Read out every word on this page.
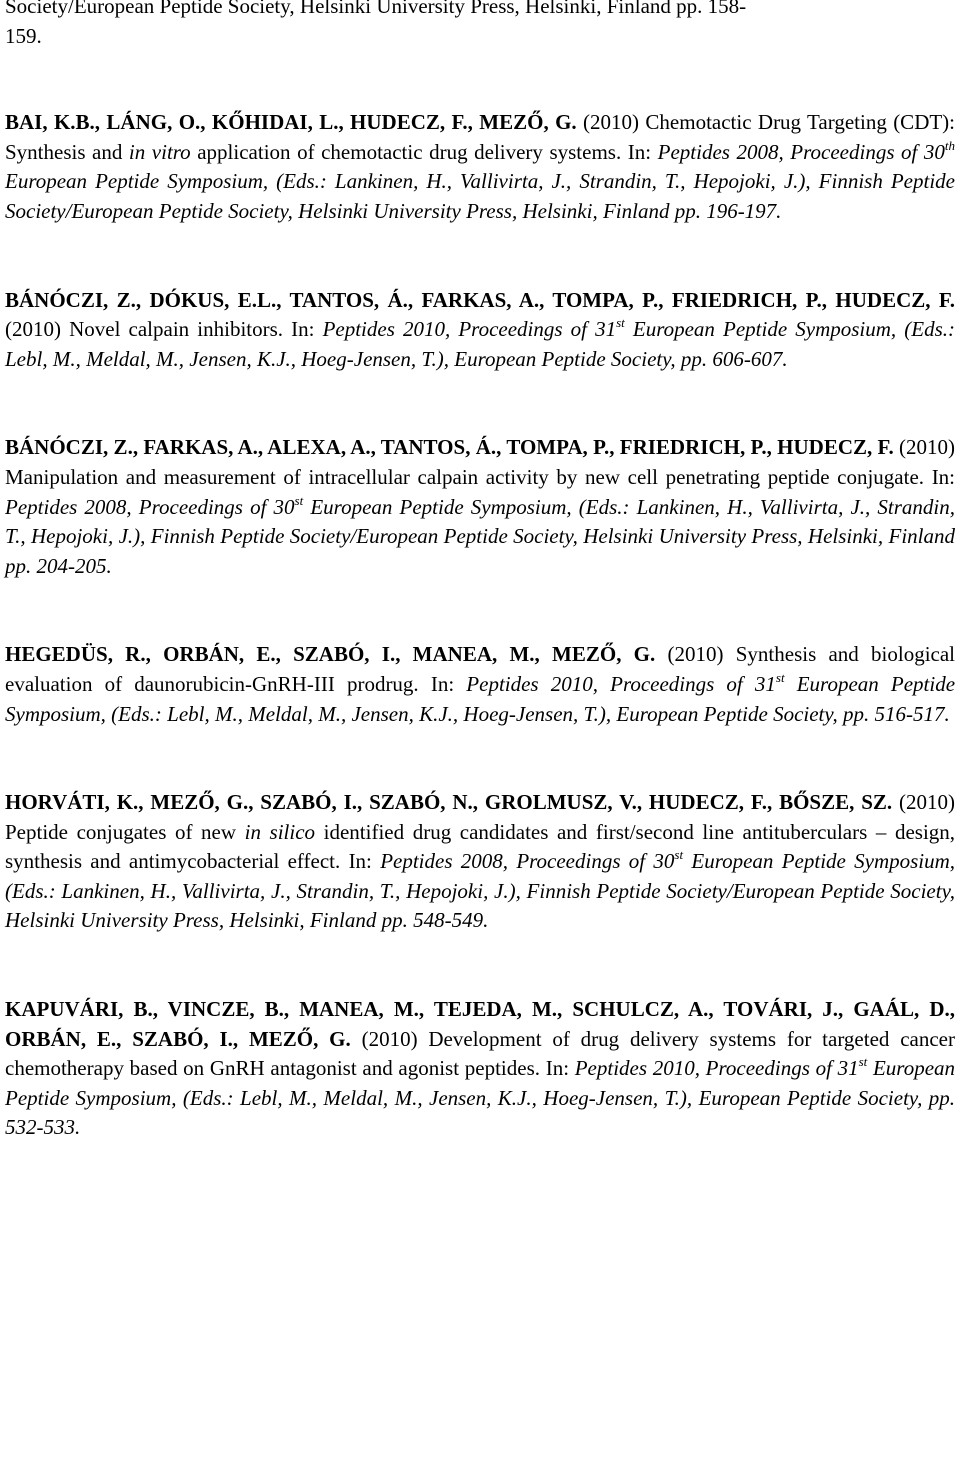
Society/European Peptide Society, Helsinki University Press, Helsinki, Finland pp. 158-
159.

BAI, K.B., LÁNG, O., KŐHIDAI, L., HUDECZ, F., MEZŐ, G. (2010) Chemotactic Drug Targeting (CDT): Synthesis and in vitro application of chemotactic drug delivery systems. In: Peptides 2008, Proceedings of 30th European Peptide Symposium, (Eds.: Lankinen, H., Vallivirta, J., Strandin, T., Hepojoki, J.), Finnish Peptide Society/European Peptide Society, Helsinki University Press, Helsinki, Finland pp. 196-197.

BÁNÓCZI, Z., DÓKUS, E.L., TANTOS, Á., FARKAS, A., TOMPA, P., FRIEDRICH, P., HUDECZ, F. (2010) Novel calpain inhibitors. In: Peptides 2010, Proceedings of 31st European Peptide Symposium, (Eds.: Lebl, M., Meldal, M., Jensen, K.J., Hoeg-Jensen, T.), European Peptide Society, pp. 606-607.

BÁNÓCZI, Z., FARKAS, A., ALEXA, A., TANTOS, Á., TOMPA, P., FRIEDRICH, P., HUDECZ, F. (2010) Manipulation and measurement of intracellular calpain activity by new cell penetrating peptide conjugate. In: Peptides 2008, Proceedings of 30st European Peptide Symposium, (Eds.: Lankinen, H., Vallivirta, J., Strandin, T., Hepojoki, J.), Finnish Peptide Society/European Peptide Society, Helsinki University Press, Helsinki, Finland pp. 204-205.

HEGEDÜS, R., ORBÁN, E., SZABÓ, I., MANEA, M., MEZŐ, G. (2010) Synthesis and biological evaluation of daunorubicin-GnRH-III prodrug. In: Peptides 2010, Proceedings of 31st European Peptide Symposium, (Eds.: Lebl, M., Meldal, M., Jensen, K.J., Hoeg-Jensen, T.), European Peptide Society, pp. 516-517.

HORVÁTI, K., MEZŐ, G., SZABÓ, I., SZABÓ, N., GROLMUSZ, V., HUDECZ, F., BŐSZE, SZ. (2010) Peptide conjugates of new in silico identified drug candidates and first/second line antituberculars – design, synthesis and antimycobacterial effect. In: Peptides 2008, Proceedings of 30st European Peptide Symposium, (Eds.: Lankinen, H., Vallivirta, J., Strandin, T., Hepojoki, J.), Finnish Peptide Society/European Peptide Society, Helsinki University Press, Helsinki, Finland pp. 548-549.

KAPUVÁRI, B., VINCZE, B., MANEA, M., TEJEDA, M., SCHULCZ, A., TOVÁRI, J., GAÁL, D., ORBÁN, E., SZABÓ, I., MEZŐ, G. (2010) Development of drug delivery systems for targeted cancer chemotherapy based on GnRH antagonist and agonist peptides. In: Peptides 2010, Proceedings of 31st European Peptide Symposium, (Eds.: Lebl, M., Meldal, M., Jensen, K.J., Hoeg-Jensen, T.), European Peptide Society, pp. 532-533.
